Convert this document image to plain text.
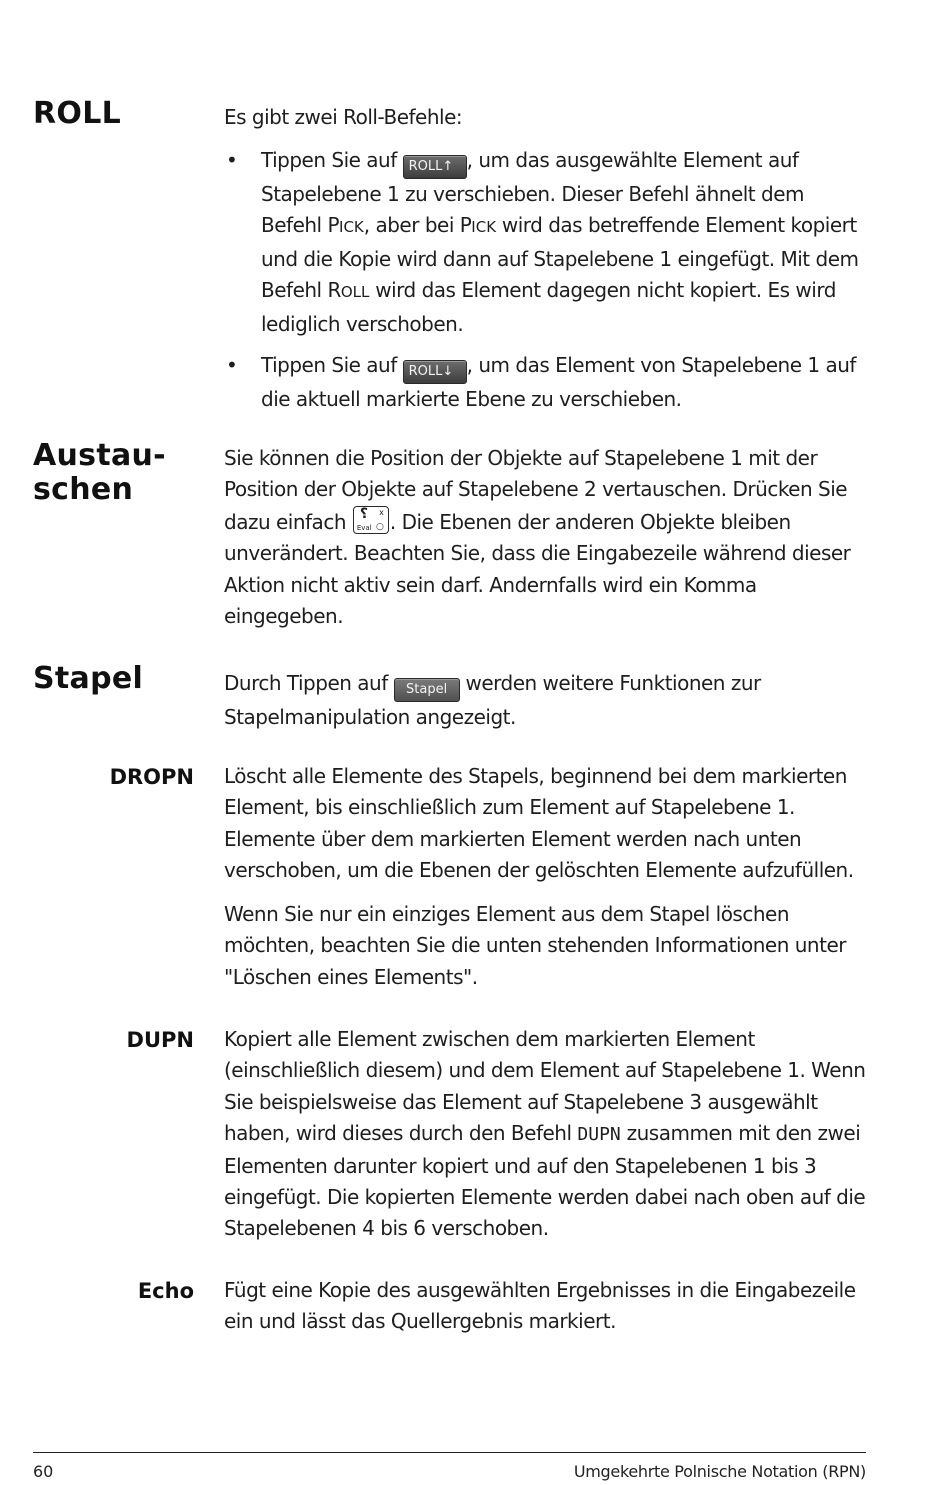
ROLL	Es gibt zwei Roll-Befehle:

• Tippen Sie auf ROLL↑ , um das ausgewählte Element auf Stapelebene 1 zu verschieben. Dieser Befehl ähnelt dem Befehl PICK, aber bei PICK wird das betreffende Element kopiert und die Kopie wird dann auf Stapelebene 1 eingefügt. Mit dem Befehl ROLL wird das Element dagegen nicht kopiert. Es wird lediglich verschoben.
• Tippen Sie auf ROLL↓ , um das Element von Stapelebene 1 auf die aktuell markierte Ebene zu verschieben.
Austau-
schen

Sie können die Position der Objekte auf Stapelebene 1 mit der Position der Objekte auf Stapelebene 2 vertauschen. Drücken Sie dazu einfach ⸮ x
Eval ○ . Die Ebenen der anderen Objekte bleiben unverändert. Beachten Sie, dass die Eingabezeile während dieser Aktion nicht aktiv sein darf. Andernfalls wird ein Komma eingegeben.

Stapel	Durch Tippen auf Stapel werden weitere Funktionen zur Stapelmanipulation angezeigt.

DROPN Löscht alle Elemente des Stapels, beginnend bei dem markierten Element, bis einschließlich zum Element auf Stapelebene 1. Elemente über dem markierten Element werden nach unten verschoben, um die Ebenen der gelöschten Elemente aufzufüllen.

Wenn Sie nur ein einziges Element aus dem Stapel löschen möchten, beachten Sie die unten stehenden Informationen unter "Löschen eines Elements".

DUPN Kopiert alle Element zwischen dem markierten Element (einschließlich diesem) und dem Element auf Stapelebene 1. Wenn Sie beispielsweise das Element auf Stapelebene 3 ausgewählt haben, wird dieses durch den Befehl DUPN zusammen mit den zwei Elementen darunter kopiert und auf den Stapelebenen 1 bis 3 eingefügt. Die kopierten Elemente werden dabei nach oben auf die Stapelebenen 4 bis 6 verschoben.

Echo Fügt eine Kopie des ausgewählten Ergebnisses in die Eingabezeile ein und lässt das Quellergebnis markiert.

60	Umgekehrte Polnische Notation (RPN)
